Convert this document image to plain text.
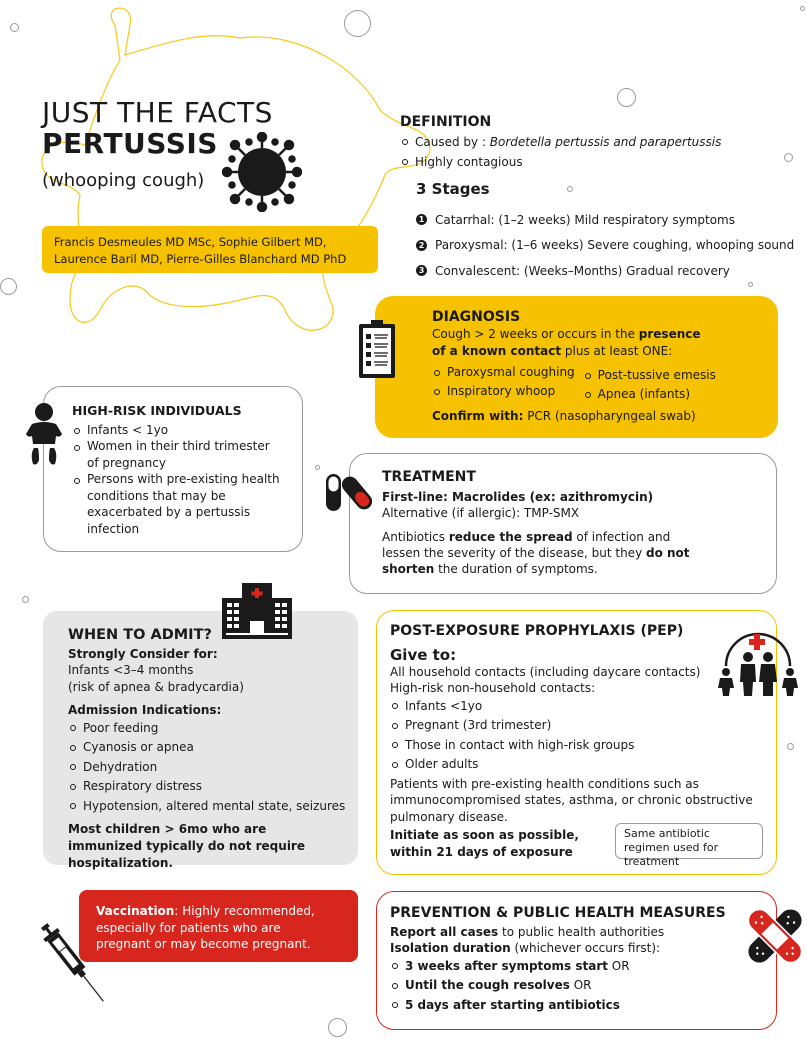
JUST THE FACTS
PERTUSSIS
(whooping cough)
Francis Desmeules MD MSc, Sophie Gilbert MD,
Laurence Baril MD, Pierre-Gilles Blanchard MD PhD
DEFINITION
Caused by : Bordetella pertussis and parapertussis
Highly contagious
3 Stages
1 Catarrhal: (1–2 weeks) Mild respiratory symptoms
2 Paroxysmal: (1–6 weeks) Severe coughing, whooping sound
3 Convalescent: (Weeks–Months) Gradual recovery
DIAGNOSIS
Cough > 2 weeks or occurs in the presence
of a known contact plus at least ONE:
Paroxysmal coughing
Inspiratory whoop
Post-tussive emesis
Apnea (infants)
Confirm with: PCR (nasopharyngeal swab)
HIGH-RISK INDIVIDUALS
Infants < 1yo
Women in their third trimester of pregnancy
Persons with pre-existing health conditions that may be exacerbated by a pertussis infection
TREATMENT
First-line: Macrolides (ex: azithromycin)
Alternative (if allergic): TMP-SMX
Antibiotics reduce the spread of infection and lessen the severity of the disease, but they do not shorten the duration of symptoms.
WHEN TO ADMIT?
Strongly Consider for:
Infants <3–4 months
(risk of apnea & bradycardia)
Admission Indications:
Poor feeding
Cyanosis or apnea
Dehydration
Respiratory distress
Hypotension, altered mental state, seizures
Most children > 6mo who are immunized typically do not require hospitalization.
POST-EXPOSURE PROPHYLAXIS (PEP)
Give to:
All household contacts (including daycare contacts)
High-risk non-household contacts:
Infants <1yo
Pregnant (3rd trimester)
Those in contact with high-risk groups
Older adults
Patients with pre-existing health conditions such as immunocompromised states, asthma, or chronic obstructive pulmonary disease.
Initiate as soon as possible,
within 21 days of exposure
Same antibiotic regimen used for treatment
Vaccination: Highly recommended, especially for patients who are pregnant or may become pregnant.
PREVENTION & PUBLIC HEALTH MEASURES
Report all cases to public health authorities
Isolation duration (whichever occurs first):
3 weeks after symptoms start OR
Until the cough resolves OR
5 days after starting antibiotics
